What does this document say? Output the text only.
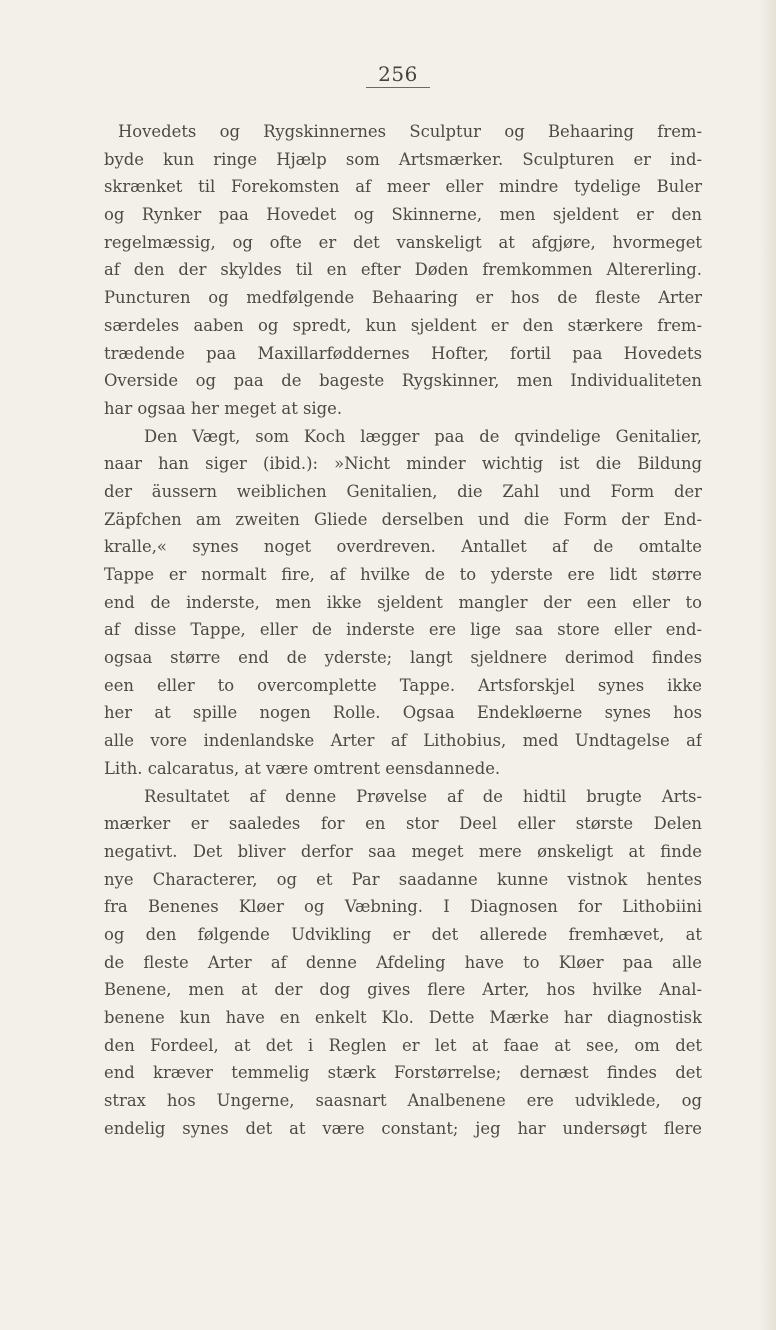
256
Hovedets og Rygskinnernes Sculptur og Behaaring frem-
byde kun ringe Hjælp som Artsmærker. Sculpturen er ind-
skrænket til Forekomsten af meer eller mindre tydelige Buler
og Rynker paa Hovedet og Skinnerne, men sjeldent er den
regelmæssig, og ofte er det vanskeligt at afgjøre, hvormeget
af den der skyldes til en efter Døden fremkommen Altererling.
Puncturen og medfølgende Behaaring er hos de fleste Arter
særdeles aaben og spredt, kun sjeldent er den stærkere frem-
trædende paa Maxillarføddernes Hofter, fortil paa Hovedets
Overside og paa de bageste Rygskinner, men Individualiteten
har ogsaa her meget at sige.
Den Vægt, som Koch lægger paa de qvindelige Genitalier,
naar han siger (ibid.): »Nicht minder wichtig ist die Bildung
der äussern weiblichen Genitalien, die Zahl und Form der
Zäpfchen am zweiten Gliede derselben und die Form der End-
kralle,« synes noget overdreven. Antallet af de omtalte
Tappe er normalt fire, af hvilke de to yderste ere lidt større
end de inderste, men ikke sjeldent mangler der een eller to
af disse Tappe, eller de inderste ere lige saa store eller end-
ogsaa større end de yderste; langt sjeldnere derimod findes
een eller to overcomplette Tappe. Artsforskjel synes ikke
her at spille nogen Rolle. Ogsaa Endekløerne synes hos
alle vore indenlandske Arter af Lithobius, med Undtagelse af
Lith. calcaratus, at være omtrent eensdannede.
Resultatet af denne Prøvelse af de hidtil brugte Arts-
mærker er saaledes for en stor Deel eller største Delen
negativt. Det bliver derfor saa meget mere ønskeligt at finde
nye Characterer, og et Par saadanne kunne vistnok hentes
fra Benenes Kløer og Væbning. I Diagnosen for Lithobiini
og den følgende Udvikling er det allerede fremhævet, at
de fleste Arter af denne Afdeling have to Kløer paa alle
Benene, men at der dog gives flere Arter, hos hvilke Anal-
benene kun have en enkelt Klo. Dette Mærke har diagnostisk
den Fordeel, at det i Reglen er let at faae at see, om det
end kræver temmelig stærk Forstørrelse; dernæst findes det
strax hos Ungerne, saasnart Analbenene ere udviklede, og
endelig synes det at være constant; jeg har undersøgt flere
